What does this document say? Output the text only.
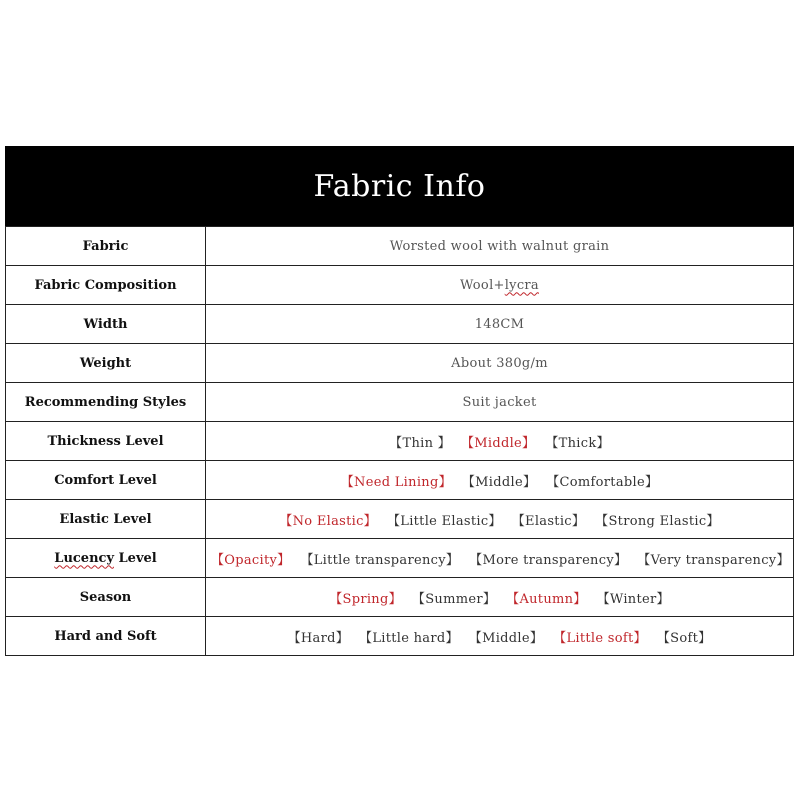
Fabric Info
Fabric	Worsted wool with walnut grain
Fabric Composition	Wool+lycra
Width	148CM
Weight	About 380g/m
Recommending Styles	Suit jacket
Thickness Level	【Thin 】 【Middle】 【Thick】
Comfort Level	【Need Lining】 【Middle】 【Comfortable】
Elastic Level	【No Elastic】 【Little Elastic】 【Elastic】 【Strong Elastic】
Lucency Level	【Opacity】 【Little transparency】 【More transparency】 【Very transparency】
Season	【Spring】 【Summer】 【Autumn】 【Winter】
Hard and Soft	【Hard】 【Little hard】 【Middle】 【Little soft】 【Soft】
